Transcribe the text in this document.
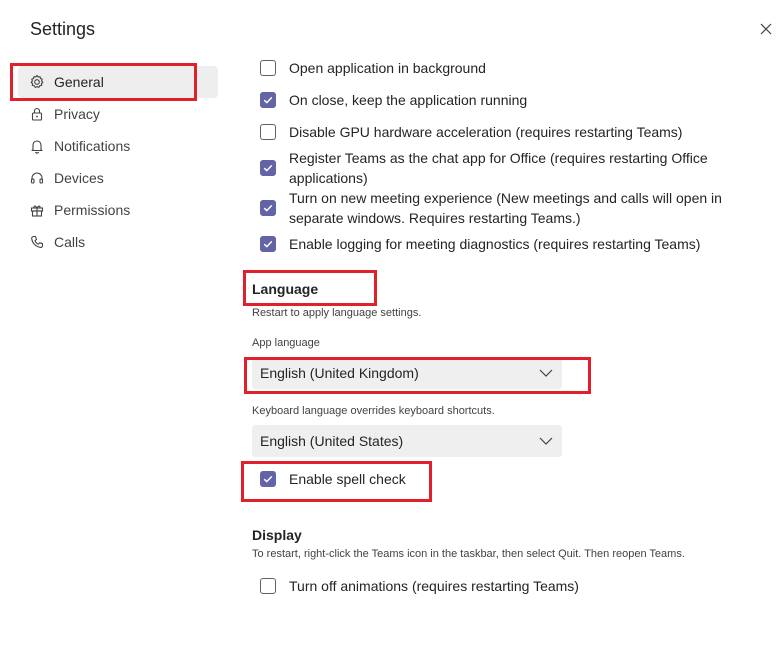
Settings
General
Privacy
Notifications
Devices
Permissions
Calls
Open application in background
On close, keep the application running
Disable GPU hardware acceleration (requires restarting Teams)
Register Teams as the chat app for Office (requires restarting Office applications)
Turn on new meeting experience (New meetings and calls will open in separate windows. Requires restarting Teams.)
Enable logging for meeting diagnostics (requires restarting Teams)
Language
Restart to apply language settings.
App language
English (United Kingdom)
Keyboard language overrides keyboard shortcuts.
English (United States)
Enable spell check
Display
To restart, right-click the Teams icon in the taskbar, then select Quit. Then reopen Teams.
Turn off animations (requires restarting Teams)
